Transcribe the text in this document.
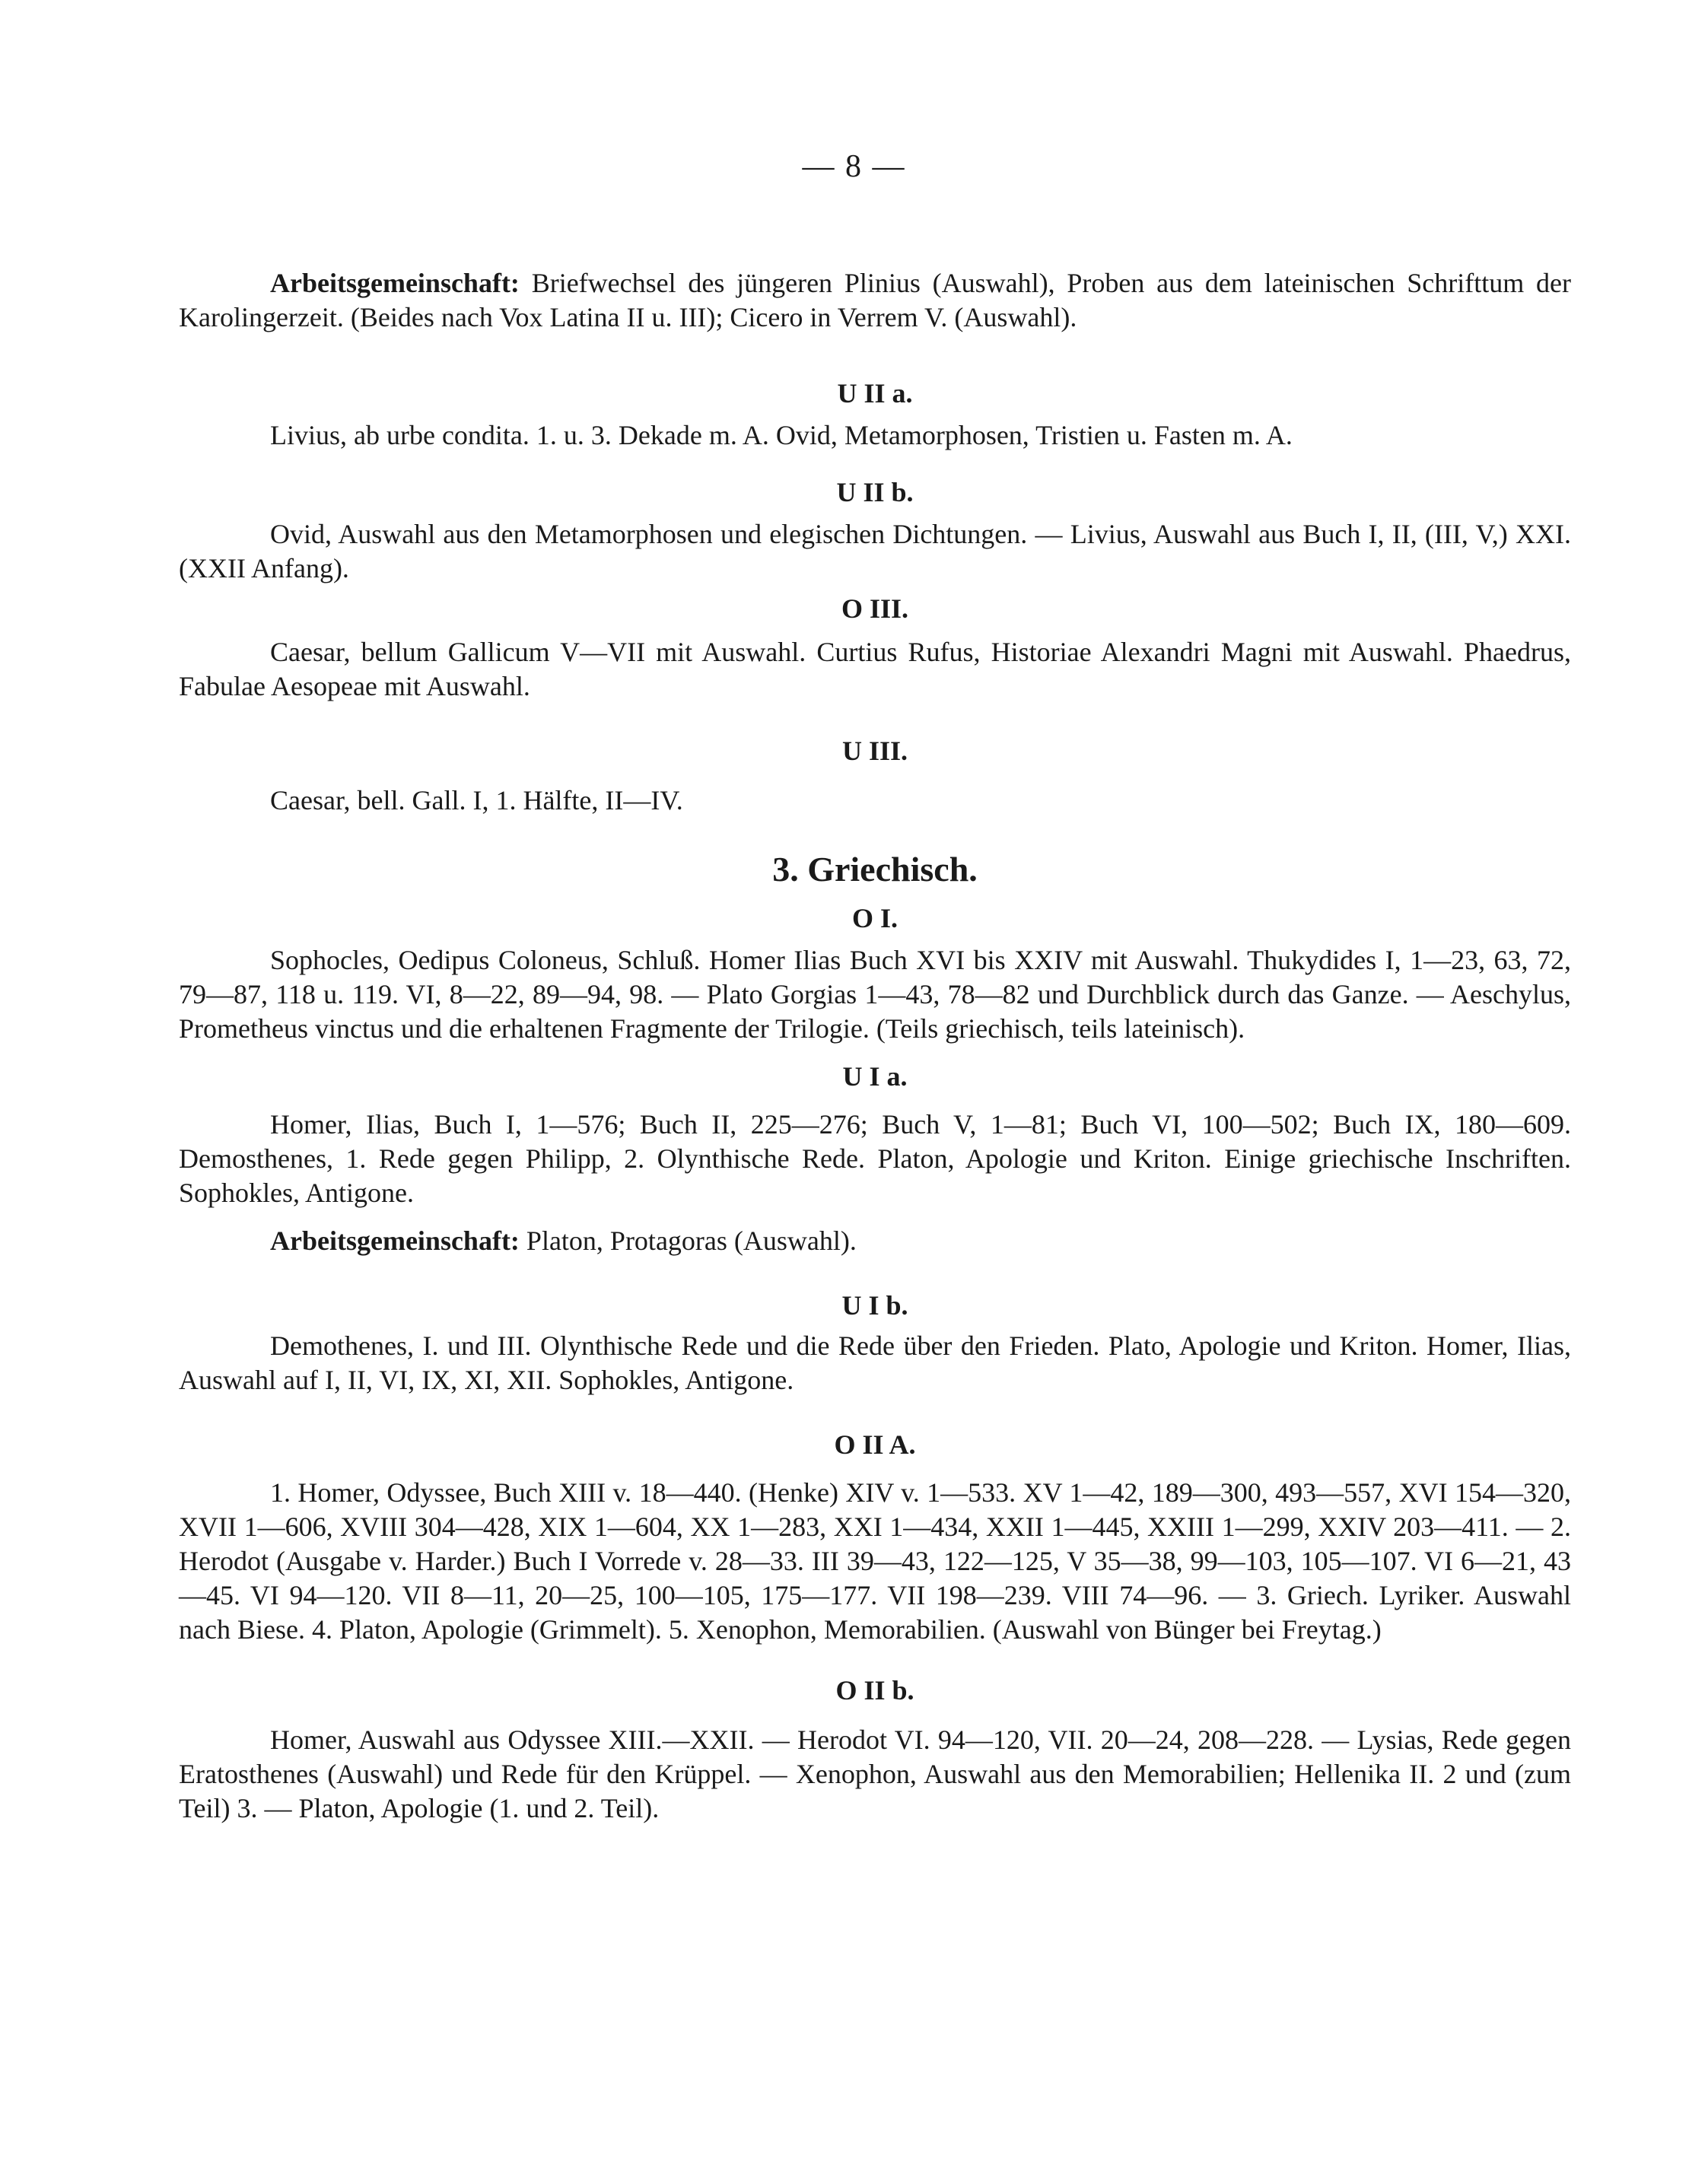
— 8 —

Arbeitsgemeinschaft: Briefwechsel des jüngeren Plinius (Auswahl), Proben aus dem lateinischen Schrifttum der Karolingerzeit. (Beides nach Vox Latina II u. III); Cicero in Verrem V. (Auswahl).

U II a.

Livius, ab urbe condita. 1. u. 3. Dekade m. A. Ovid, Metamorphosen, Tristien u. Fasten m. A.

U II b.

Ovid, Auswahl aus den Metamorphosen und elegischen Dichtungen. — Livius, Auswahl aus Buch I, II, (III, V,) XXI. (XXII Anfang).

O III.

Caesar, bellum Gallicum V—VII mit Auswahl. Curtius Rufus, Historiae Alexandri Magni mit Auswahl. Phaedrus, Fabulae Aesopeae mit Auswahl.

U III.

Caesar, bell. Gall. I, 1. Hälfte, II—IV.

3. Griechisch.

O I.

Sophocles, Oedipus Coloneus, Schluß. Homer Ilias Buch XVI bis XXIV mit Auswahl. Thukydides I, 1—23, 63, 72, 79—87, 118 u. 119. VI, 8—22, 89—94, 98. — Plato Gorgias 1—43, 78—82 und Durchblick durch das Ganze. — Aeschylus, Prometheus vinctus und die erhaltenen Fragmente der Trilogie. (Teils griechisch, teils lateinisch).

U I a.

Homer, Ilias, Buch I, 1—576; Buch II, 225—276; Buch V, 1—81; Buch VI, 100—502; Buch IX, 180—609. Demosthenes, 1. Rede gegen Philipp, 2. Olynthische Rede. Platon, Apologie und Kriton. Einige griechische Inschriften. Sophokles, Antigone.

Arbeitsgemeinschaft: Platon, Protagoras (Auswahl).

U I b.

Demothenes, I. und III. Olynthische Rede und die Rede über den Frieden. Plato, Apologie und Kriton. Homer, Ilias, Auswahl auf I, II, VI, IX, XI, XII. Sophokles, Antigone.

O II A.

1. Homer, Odyssee, Buch XIII v. 18—440. (Henke) XIV v. 1—533. XV 1—42, 189—300, 493—557, XVI 154—320, XVII 1—606, XVIII 304—428, XIX 1—604, XX 1—283, XXI 1—434, XXII 1—445, XXIII 1—299, XXIV 203—411. — 2. Herodot (Ausgabe v. Harder.) Buch I Vorrede v. 28—33. III 39—43, 122—125, V 35—38, 99—103, 105—107. VI 6—21, 43—45. VI 94—120. VII 8—11, 20—25, 100—105, 175—177. VII 198—239. VIII 74—96. — 3. Griech. Lyriker. Auswahl nach Biese. 4. Platon, Apologie (Grimmelt). 5. Xenophon, Memorabilien. (Auswahl von Bünger bei Freytag.)

O II b.

Homer, Auswahl aus Odyssee XIII.—XXII. — Herodot VI. 94—120, VII. 20—24, 208—228. — Lysias, Rede gegen Eratosthenes (Auswahl) und Rede für den Krüppel. — Xenophon, Auswahl aus den Memorabilien; Hellenika II. 2 und (zum Teil) 3. — Platon, Apologie (1. und 2. Teil).
